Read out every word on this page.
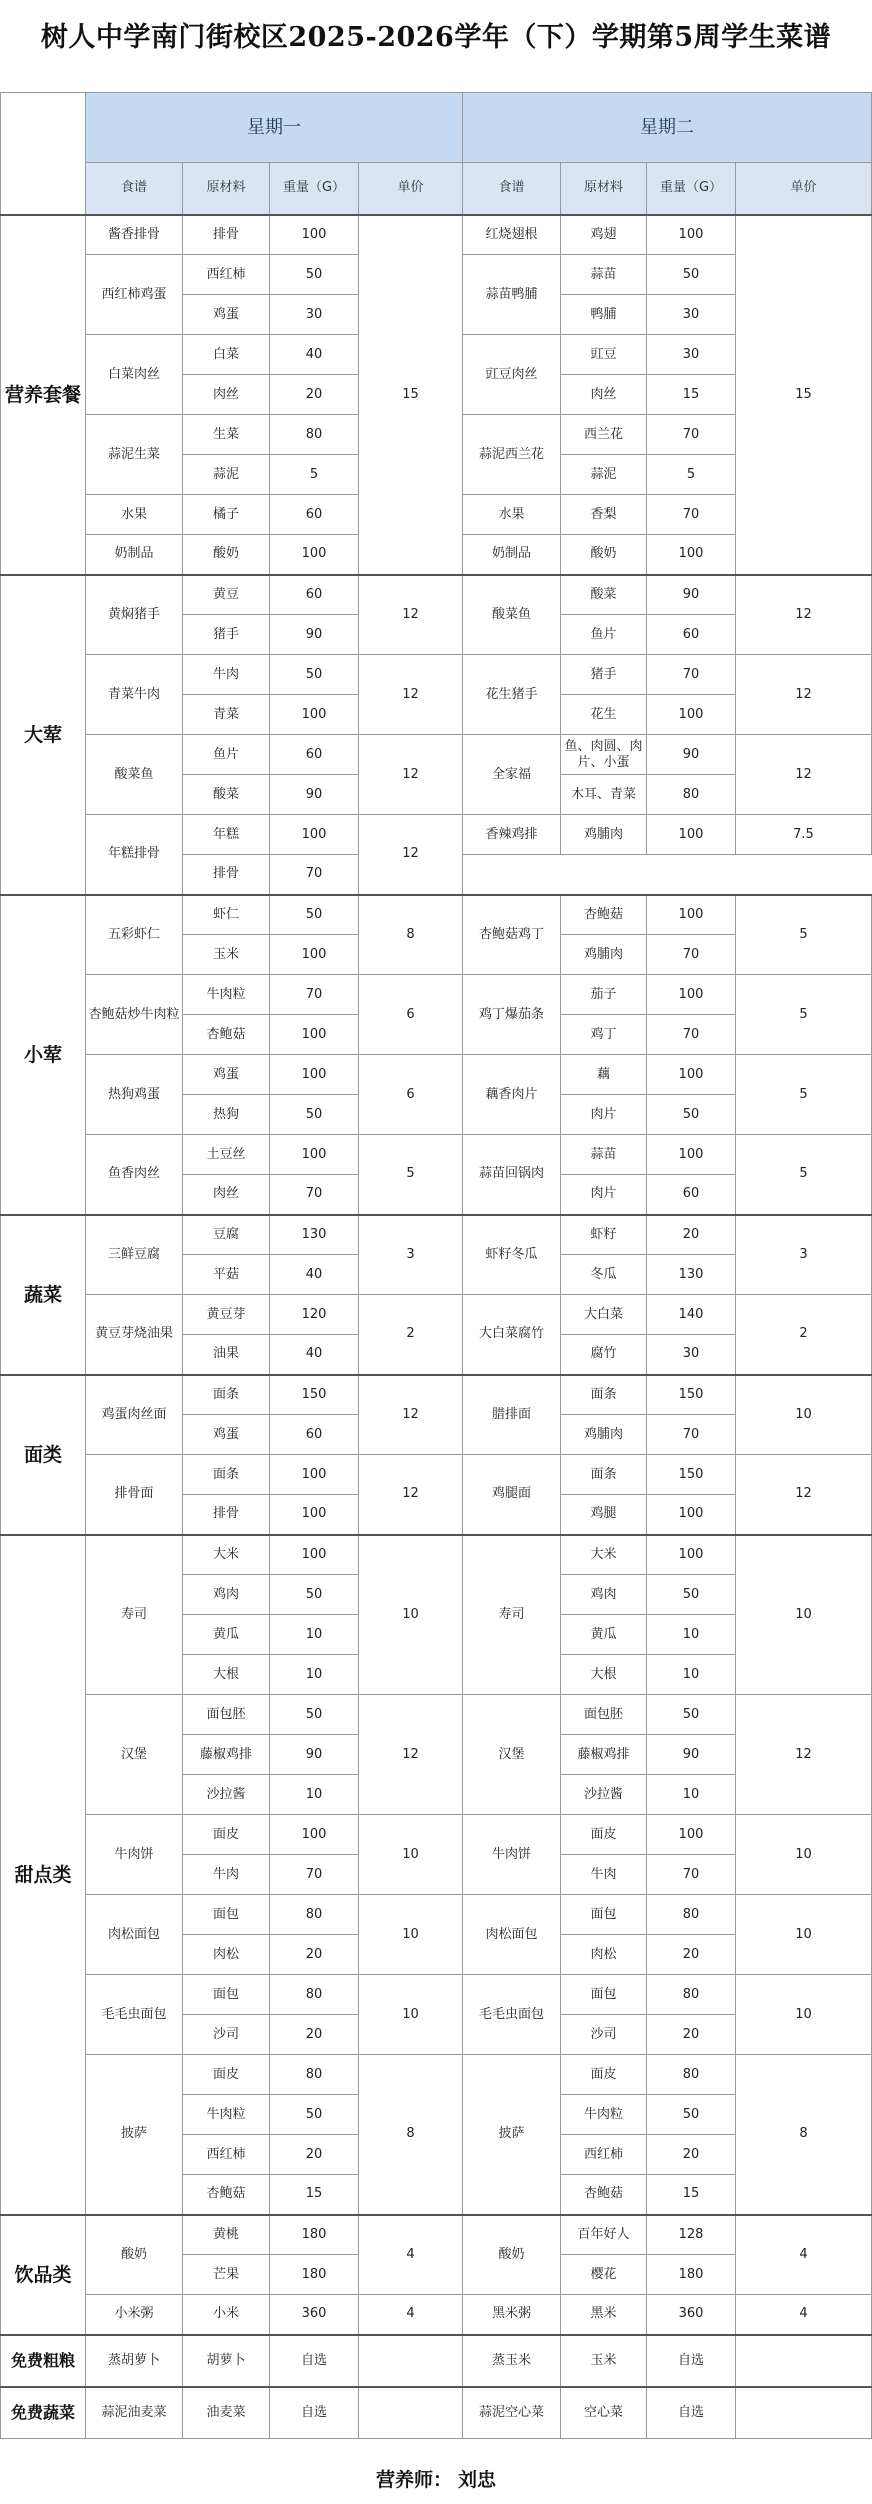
树人中学南门街校区2025-2026学年（下）学期第5周学生菜谱
	星期一				星期二			
	食谱	原材料	重量（G）	单价	食谱	原材料	重量（G）	单价
营养套餐	酱香排骨	排骨	100	15	红烧翅根	鸡翅	100	15
	西红柿鸡蛋	西红柿	50		蒜苗鸭脯	蒜苗	50	
		鸡蛋	30			鸭脯	30	
	白菜肉丝	白菜	40		豇豆肉丝	豇豆	30	
		肉丝	20			肉丝	15	
	蒜泥生菜	生菜	80		蒜泥西兰花	西兰花	70	
		蒜泥	5			蒜泥	5	
	水果	橘子	60		水果	香梨	70	
	奶制品	酸奶	100		奶制品	酸奶	100	
大荤	黄焖猪手	黄豆	60	12	酸菜鱼	酸菜	90	12
		猪手	90			鱼片	60	
	青菜牛肉	牛肉	50	12	花生猪手	猪手	70	12
		青菜	100			花生	100	
	酸菜鱼	鱼片	60	12	全家福	鱼、肉圆、肉片、小蛋	90	12
		酸菜	90			木耳、青菜	80	
	年糕排骨	年糕	100	12	香辣鸡排	鸡脯肉	100	7.5
		排骨	70					
小荤	五彩虾仁	虾仁	50	8	杏鲍菇鸡丁	杏鲍菇	100	5
		玉米	100			鸡脯肉	70	
	杏鲍菇炒牛肉粒	牛肉粒	70	6	鸡丁爆茄条	茄子	100	5
		杏鲍菇	100			鸡丁	70	
	热狗鸡蛋	鸡蛋	100	6	藕香肉片	藕	100	5
		热狗	50			肉片	50	
	鱼香肉丝	土豆丝	100	5	蒜苗回锅肉	蒜苗	100	5
		肉丝	70			肉片	60	
蔬菜	三鲜豆腐	豆腐	130	3	虾籽冬瓜	虾籽	20	3
		平菇	40			冬瓜	130	
	黄豆芽烧油果	黄豆芽	120	2	大白菜腐竹	大白菜	140	2
		油果	40			腐竹	30	
面类	鸡蛋肉丝面	面条	150	12	腊排面	面条	150	10
		鸡蛋	60			鸡脯肉	70	
	排骨面	面条	100	12	鸡腿面	面条	150	12
		排骨	100			鸡腿	100	
甜点类	寿司	大米	100	10	寿司	大米	100	10
		鸡肉	50			鸡肉	50	
		黄瓜	10			黄瓜	10	
		大根	10			大根	10	
	汉堡	面包胚	50	12	汉堡	面包胚	50	12
		藤椒鸡排	90			藤椒鸡排	90	
		沙拉酱	10			沙拉酱	10	
	牛肉饼	面皮	100	10	牛肉饼	面皮	100	10
		牛肉	70			牛肉	70	
	肉松面包	面包	80	10	肉松面包	面包	80	10
		肉松	20			肉松	20	
	毛毛虫面包	面包	80	10	毛毛虫面包	面包	80	10
		沙司	20			沙司	20	
	披萨	面皮	80	8	披萨	面皮	80	8
		牛肉粒	50			牛肉粒	50	
		西红柿	20			西红柿	20	
		杏鲍菇	15			杏鲍菇	15	
饮品类	酸奶	黄桃	180	4	酸奶	百年好人	128	4
		芒果	180			樱花	180	
	小米粥	小米	360	4	黑米粥	黑米	360	4
免费粗粮	蒸胡萝卜	胡萝卜	自选		蒸玉米	玉米	自选	
免费蔬菜	蒜泥油麦菜	油麦菜	自选		蒜泥空心菜	空心菜	自选	
营养师： 刘忠
